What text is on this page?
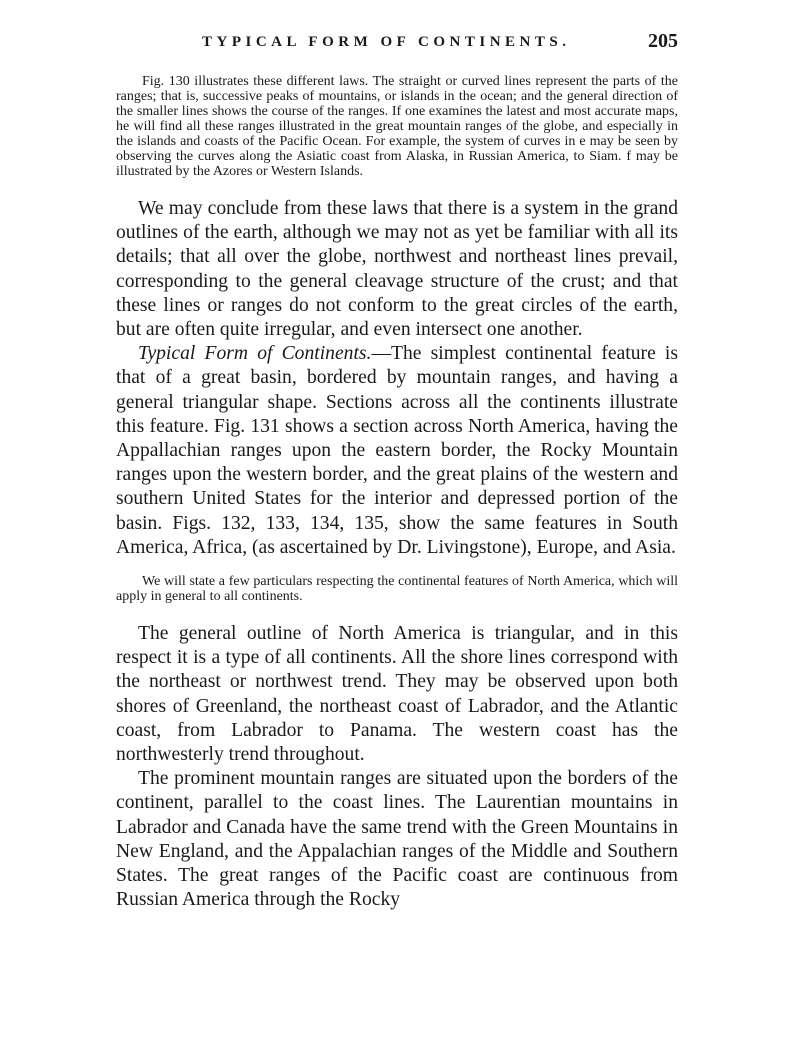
TYPICAL FORM OF CONTINENTS.	205

Fig. 130 illustrates these different laws. The straight or curved lines represent the parts of the ranges; that is, successive peaks of mountains, or islands in the ocean; and the general direction of the smaller lines shows the course of the ranges. If one examines the latest and most accurate maps, he will find all these ranges illustrated in the great mountain ranges of the globe, and especially in the islands and coasts of the Pacific Ocean. For example, the system of curves in e may be seen by observing the curves along the Asiatic coast from Alaska, in Russian America, to Siam. f may be illustrated by the Azores or Western Islands.

We may conclude from these laws that there is a system in the grand outlines of the earth, although we may not as yet be familiar with all its details; that all over the globe, northwest and northeast lines prevail, corresponding to the general cleavage structure of the crust; and that these lines or ranges do not conform to the great circles of the earth, but are often quite irregular, and even intersect one another.

Typical Form of Continents.—The simplest continental feature is that of a great basin, bordered by mountain ranges, and having a general triangular shape. Sections across all the continents illustrate this feature. Fig. 131 shows a section across North America, having the Appallachian ranges upon the eastern border, the Rocky Mountain ranges upon the western border, and the great plains of the western and southern United States for the interior and depressed portion of the basin. Figs. 132, 133, 134, 135, show the same features in South America, Africa, (as ascertained by Dr. Livingstone), Europe, and Asia.

We will state a few particulars respecting the continental features of North America, which will apply in general to all continents.

The general outline of North America is triangular, and in this respect it is a type of all continents. All the shore lines correspond with the northeast or northwest trend. They may be observed upon both shores of Greenland, the northeast coast of Labrador, and the Atlantic coast, from Labrador to Panama. The western coast has the northwesterly trend throughout.

The prominent mountain ranges are situated upon the borders of the continent, parallel to the coast lines. The Laurentian mountains in Labrador and Canada have the same trend with the Green Mountains in New England, and the Appalachian ranges of the Middle and Southern States. The great ranges of the Pacific coast are continuous from Russian America through the Rocky
